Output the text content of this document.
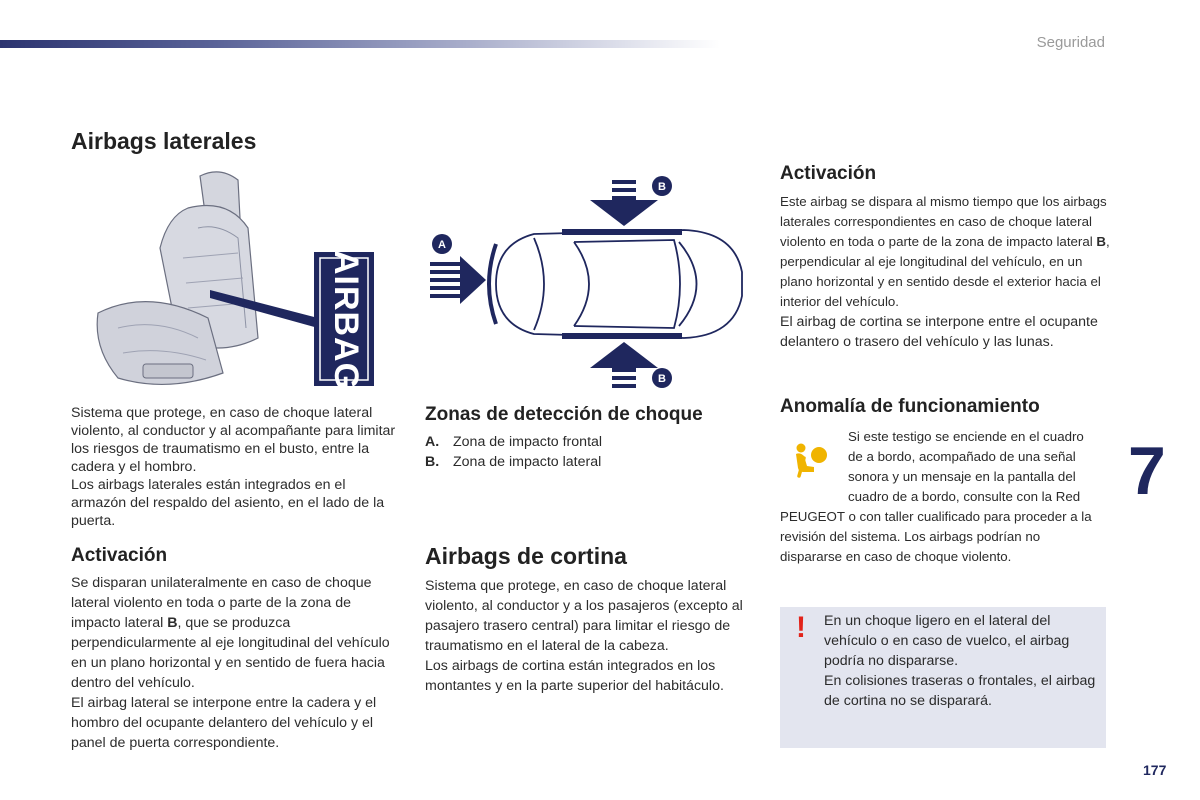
Seguridad
7
177
Airbags laterales
AIRBAG

Sistema que protege, en caso de choque lateral violento, al conductor y al acompañante para limitar los riesgos de traumatismo en el busto, entre la cadera y el hombro.

Los airbags laterales están integrados en el armazón del respaldo del asiento, en el lado de la puerta.

Activación

Se disparan unilateralmente en caso de choque lateral violento en toda o parte de la zona de impacto lateral B, que se produzca perpendicularmente al eje longitudinal del vehículo en un plano horizontal y en sentido de fuera hacia dentro del vehículo.

El airbag lateral se interpone entre la cadera y el hombro del ocupante delantero del vehículo y el panel de puerta correspondiente.

A
B
B
Zonas de detección de choque
A. Zona de impacto frontal
B. Zona de impacto lateral
Airbags de cortina

Sistema que protege, en caso de choque lateral violento, al conductor y a los pasajeros (excepto al pasajero trasero central) para limitar el riesgo de traumatismo en el lateral de la cabeza.

Los airbags de cortina están integrados en los montantes y en la parte superior del habitáculo.

Activación

Este airbag se dispara al mismo tiempo que los airbags laterales correspondientes en caso de choque lateral violento en toda o parte de la zona de impacto lateral B, perpendicular al eje longitudinal del vehículo, en un plano horizontal y en sentido desde el exterior hacia el interior del vehículo.

El airbag de cortina se interpone entre el ocupante delantero o trasero del vehículo y las lunas.

Anomalía de funcionamiento
Si este testigo se enciende en el cuadro
de a bordo, acompañado de una señal
sonora y un mensaje en la pantalla del
cuadro de a bordo, consulte con la Red
PEUGEOT o con taller cualificado para proceder a la revisión del sistema. Los airbags podrían no dispararse en caso de choque violento.
! En un choque ligero en el lateral del vehículo o en caso de vuelco, el airbag podría no dispararse.

En colisiones traseras o frontales, el airbag de cortina no se disparará.
